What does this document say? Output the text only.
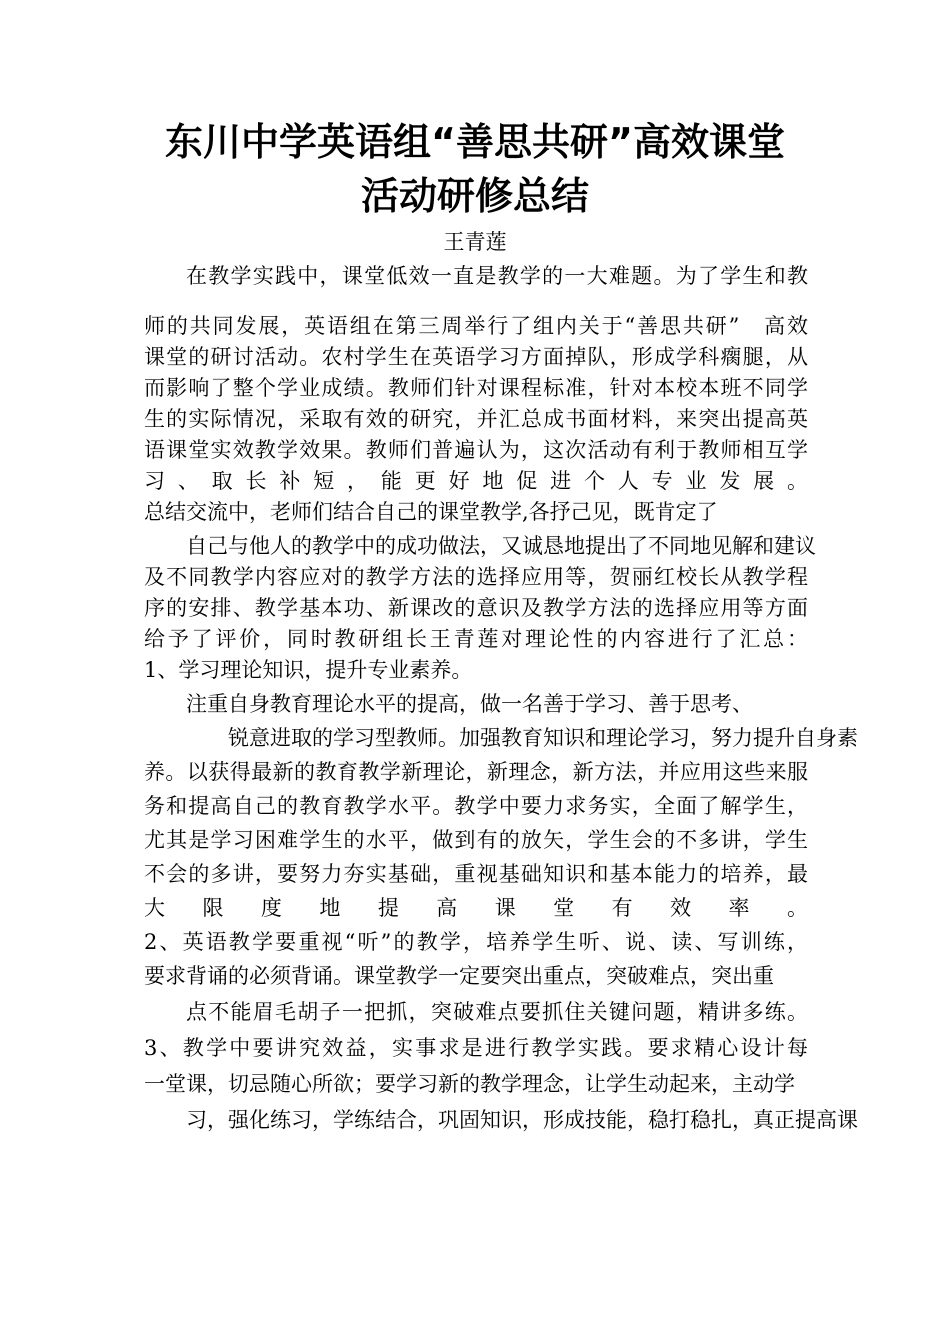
东川中学英语组“善思共研”高效课堂
活动研修总结
王青莲
在教学实践中，课堂低效一直是教学的一大难题。为了学生和教
师的共同发展，英语组在第三周举行了组内关于“善思共研”　高效
课堂的研讨活动。农村学生在英语学习方面掉队，形成学科瘸腿，从
而影响了整个学业成绩。教师们针对课程标准，针对本校本班不同学
生的实际情况，采取有效的研究，并汇总成书面材料，来突出提高英
语课堂实效教学效果。教师们普遍认为，这次活动有利于教师相互学
习、取长补短，能更好地促进个人专业发展。
总结交流中，老师们结合自己的课堂教学,各抒己见，既肯定了
自己与他人的教学中的成功做法，又诚恳地提出了不同地见解和建议
及不同教学内容应对的教学方法的选择应用等，贺丽红校长从教学程
序的安排、教学基本功、新课改的意识及教学方法的选择应用等方面
给予了评价，同时教研组长王青莲对理论性的内容进行了汇总：
1、学习理论知识，提升专业素养。
注重自身教育理论水平的提高，做一名善于学习、善于思考、
锐意进取的学习型教师。加强教育知识和理论学习，努力提升自身素
养。以获得最新的教育教学新理论，新理念，新方法，并应用这些来服
务和提高自己的教育教学水平。教学中要力求务实，全面了解学生，
尤其是学习困难学生的水平，做到有的放矢，学生会的不多讲，学生
不会的多讲，要努力夯实基础，重视基础知识和基本能力的培养，最
大限度地提高课堂有效率。
2、英语教学要重视“听”的教学，培养学生听、说、读、写训练，
要求背诵的必须背诵。课堂教学一定要突出重点，突破难点，突出重
点不能眉毛胡子一把抓，突破难点要抓住关键问题，精讲多练。
3、教学中要讲究效益，实事求是进行教学实践。要求精心设计每
一堂课，切忌随心所欲；要学习新的教学理念，让学生动起来，主动学
习，强化练习，学练结合，巩固知识，形成技能，稳打稳扎，真正提高课
